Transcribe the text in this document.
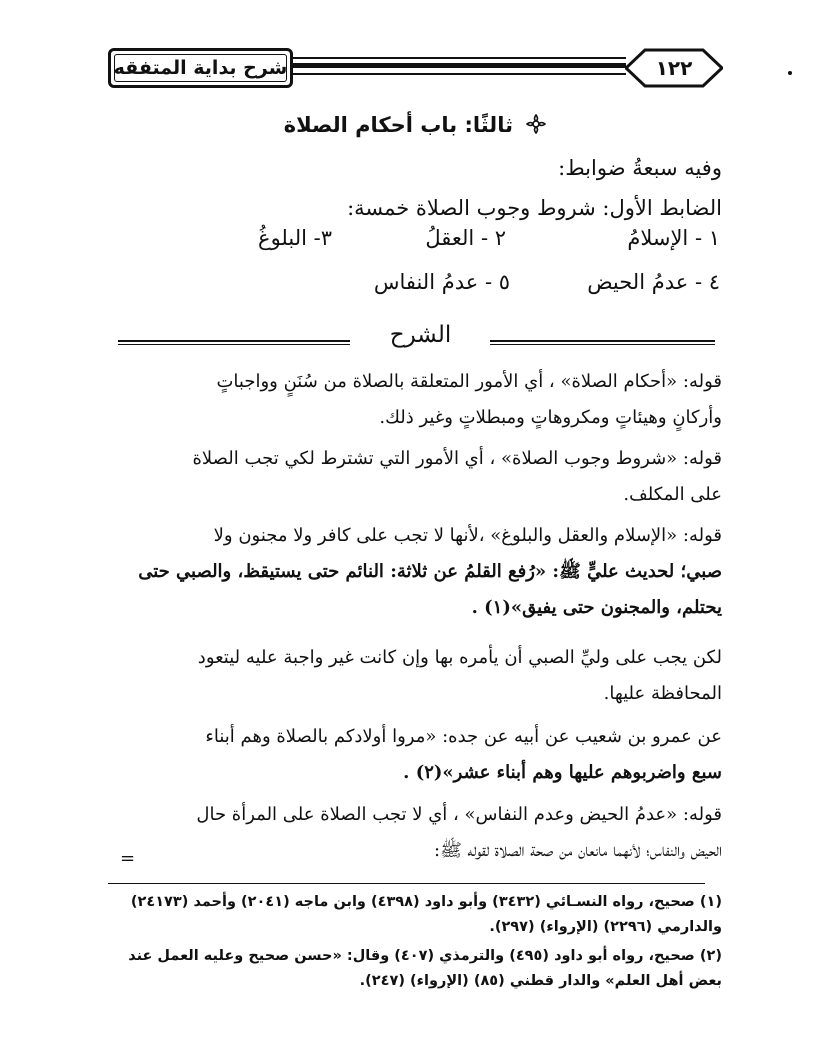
شرح بداية المتفقه	١٢٢
ثالثًا: باب أحكام الصلاة
وفيه سبعةُ ضوابط:
الضابط الأول: شروط وجوب الصلاة خمسة:
١ - الإسلامُ
٢ - العقلُ
٣- البلوغُ
٤ - عدمُ الحيض
٥ - عدمُ النفاس
الشرح
قوله: «أحكام الصلاة» ، أي الأمور المتعلقة بالصلاة من سُنَنٍ وواجباتٍ
وأركانٍ وهيئاتٍ ومكروهاتٍ ومبطلاتٍ وغير ذلك.
قوله: «شروط وجوب الصلاة» ، أي الأمور التي تشترط لكي تجب الصلاة
على المكلف.
قوله: «الإسلام والعقل والبلوغ» ،لأنها لا تجب على كافر ولا مجنون ولا
صبي؛ لحديث عليٍّ ﷺ: «رُفع القلمُ عن ثلاثة: النائم حتى يستيقظ، والصبي حتى
يحتلم، والمجنون حتى يفيق»(١) .
لكن يجب على وليِّ الصبي أن يأمره بها وإن كانت غير واجبة عليه ليتعود
المحافظة عليها.
عن عمرو بن شعيب عن أبيه عن جده: «مروا أولادكم بالصلاة وهم أبناء
سبع واضربوهم عليها وهم أبناء عشر»(٢) .
قوله: «عدمُ الحيض وعدم النفاس» ، أي لا تجب الصلاة على المرأة حال
الحيض والنفاس؛ لأنهما مانعان من صحة الصلاة لقوله ﷺ:
=
(١) صحيح، رواه النسـائي (٣٤٣٢) وأبو داود (٤٣٩٨) وابن ماجه (٢٠٤١) وأحمد (٢٤١٧٣)
والدارمي (٢٢٩٦) (الإرواء) (٢٩٧).
(٢) صحيح، رواه أبو داود (٤٩٥) والترمذي (٤٠٧) وقال: «حسن صحيح وعليه العمل عند
بعض أهل العلم» والدار قطني (٨٥) (الإرواء) (٢٤٧).
